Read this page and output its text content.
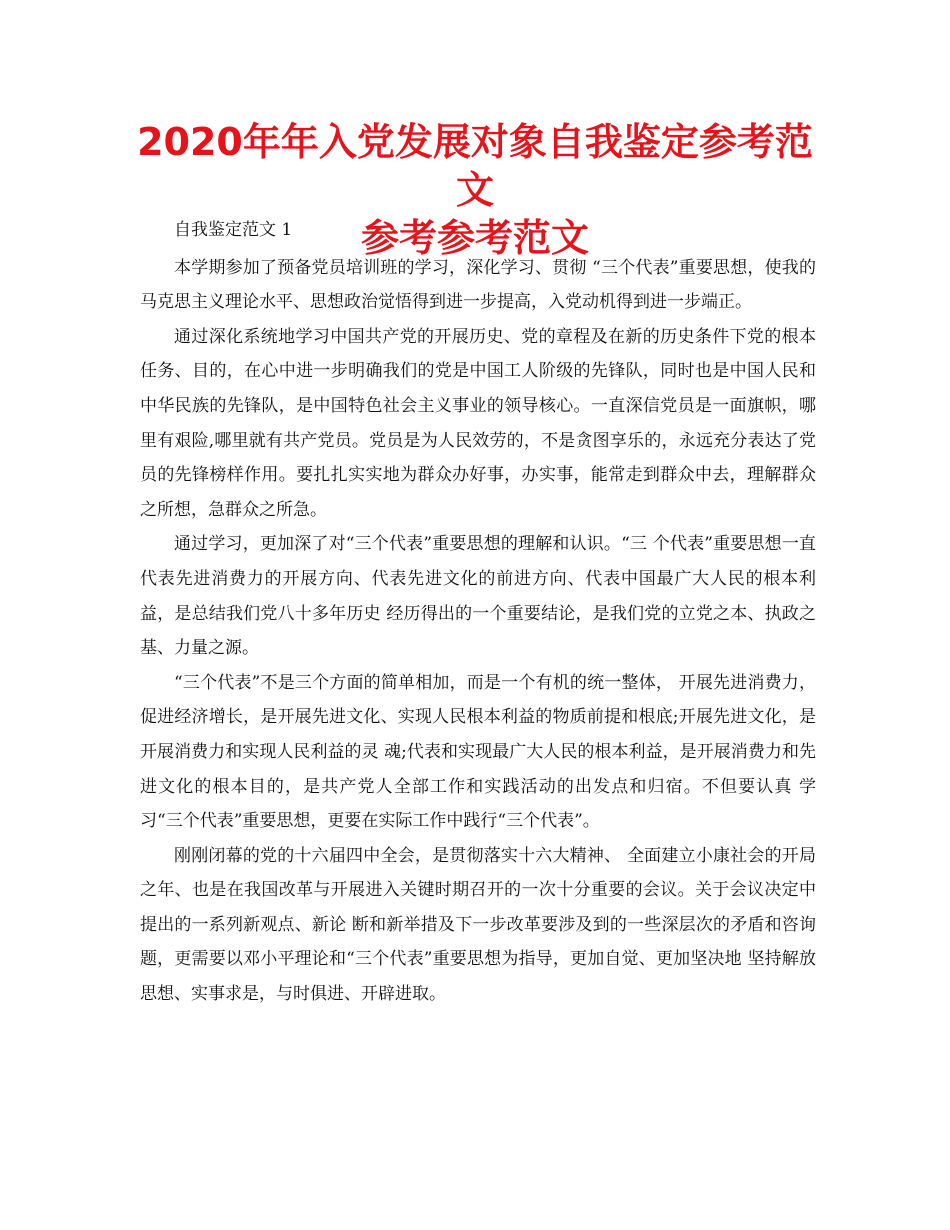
2020年年入党发展对象自我鉴定参考范文
参考参考范文

自我鉴定范文 1

本学期参加了预备党员培训班的学习，深化学习、贯彻 “三个代表”重要思想，使我的马克思主义理论水平、思想政治觉悟得到进一步提高，入党动机得到进一步端正。

通过深化系统地学习中国共产党的开展历史、党的章程及在新的历史条件下党的根本任务、目的，在心中进一步明确我们的党是中国工人阶级的先锋队，同时也是中国人民和中华民族的先锋队，是中国特色社会主义事业的领导核心。一直深信党员是一面旗帜，哪里有艰险,哪里就有共产党员。党员是为人民效劳的，不是贪图享乐的，永远充分表达了党员的先锋榜样作用。要扎扎实实地为群众办好事，办实事，能常走到群众中去，理解群众之所想，急群众之所急。

通过学习，更加深了对“三个代表”重要思想的理解和认识。“三 个代表”重要思想一直代表先进消费力的开展方向、代表先进文化的前进方向、代表中国最广大人民的根本利益，是总结我们党八十多年历史 经历得出的一个重要结论，是我们党的立党之本、执政之基、力量之源。

“三个代表”不是三个方面的简单相加，而是一个有机的统一整体， 开展先进消费力，促进经济增长，是开展先进文化、实现人民根本利益的物质前提和根底;开展先进文化，是开展消费力和实现人民利益的灵 魂;代表和实现最广大人民的根本利益，是开展消费力和先进文化的根本目的，是共产党人全部工作和实践活动的出发点和归宿。不但要认真 学习“三个代表”重要思想，更要在实际工作中践行“三个代表”。

刚刚闭幕的党的十六届四中全会，是贯彻落实十六大精神、 全面建立小康社会的开局之年、也是在我国改革与开展进入关键时期召开的一次十分重要的会议。关于会议决定中提出的一系列新观点、新论 断和新举措及下一步改革要涉及到的一些深层次的矛盾和咨询题，更需要以邓小平理论和“三个代表”重要思想为指导，更加自觉、更加坚决地 坚持解放思想、实事求是，与时俱进、开辟进取。
